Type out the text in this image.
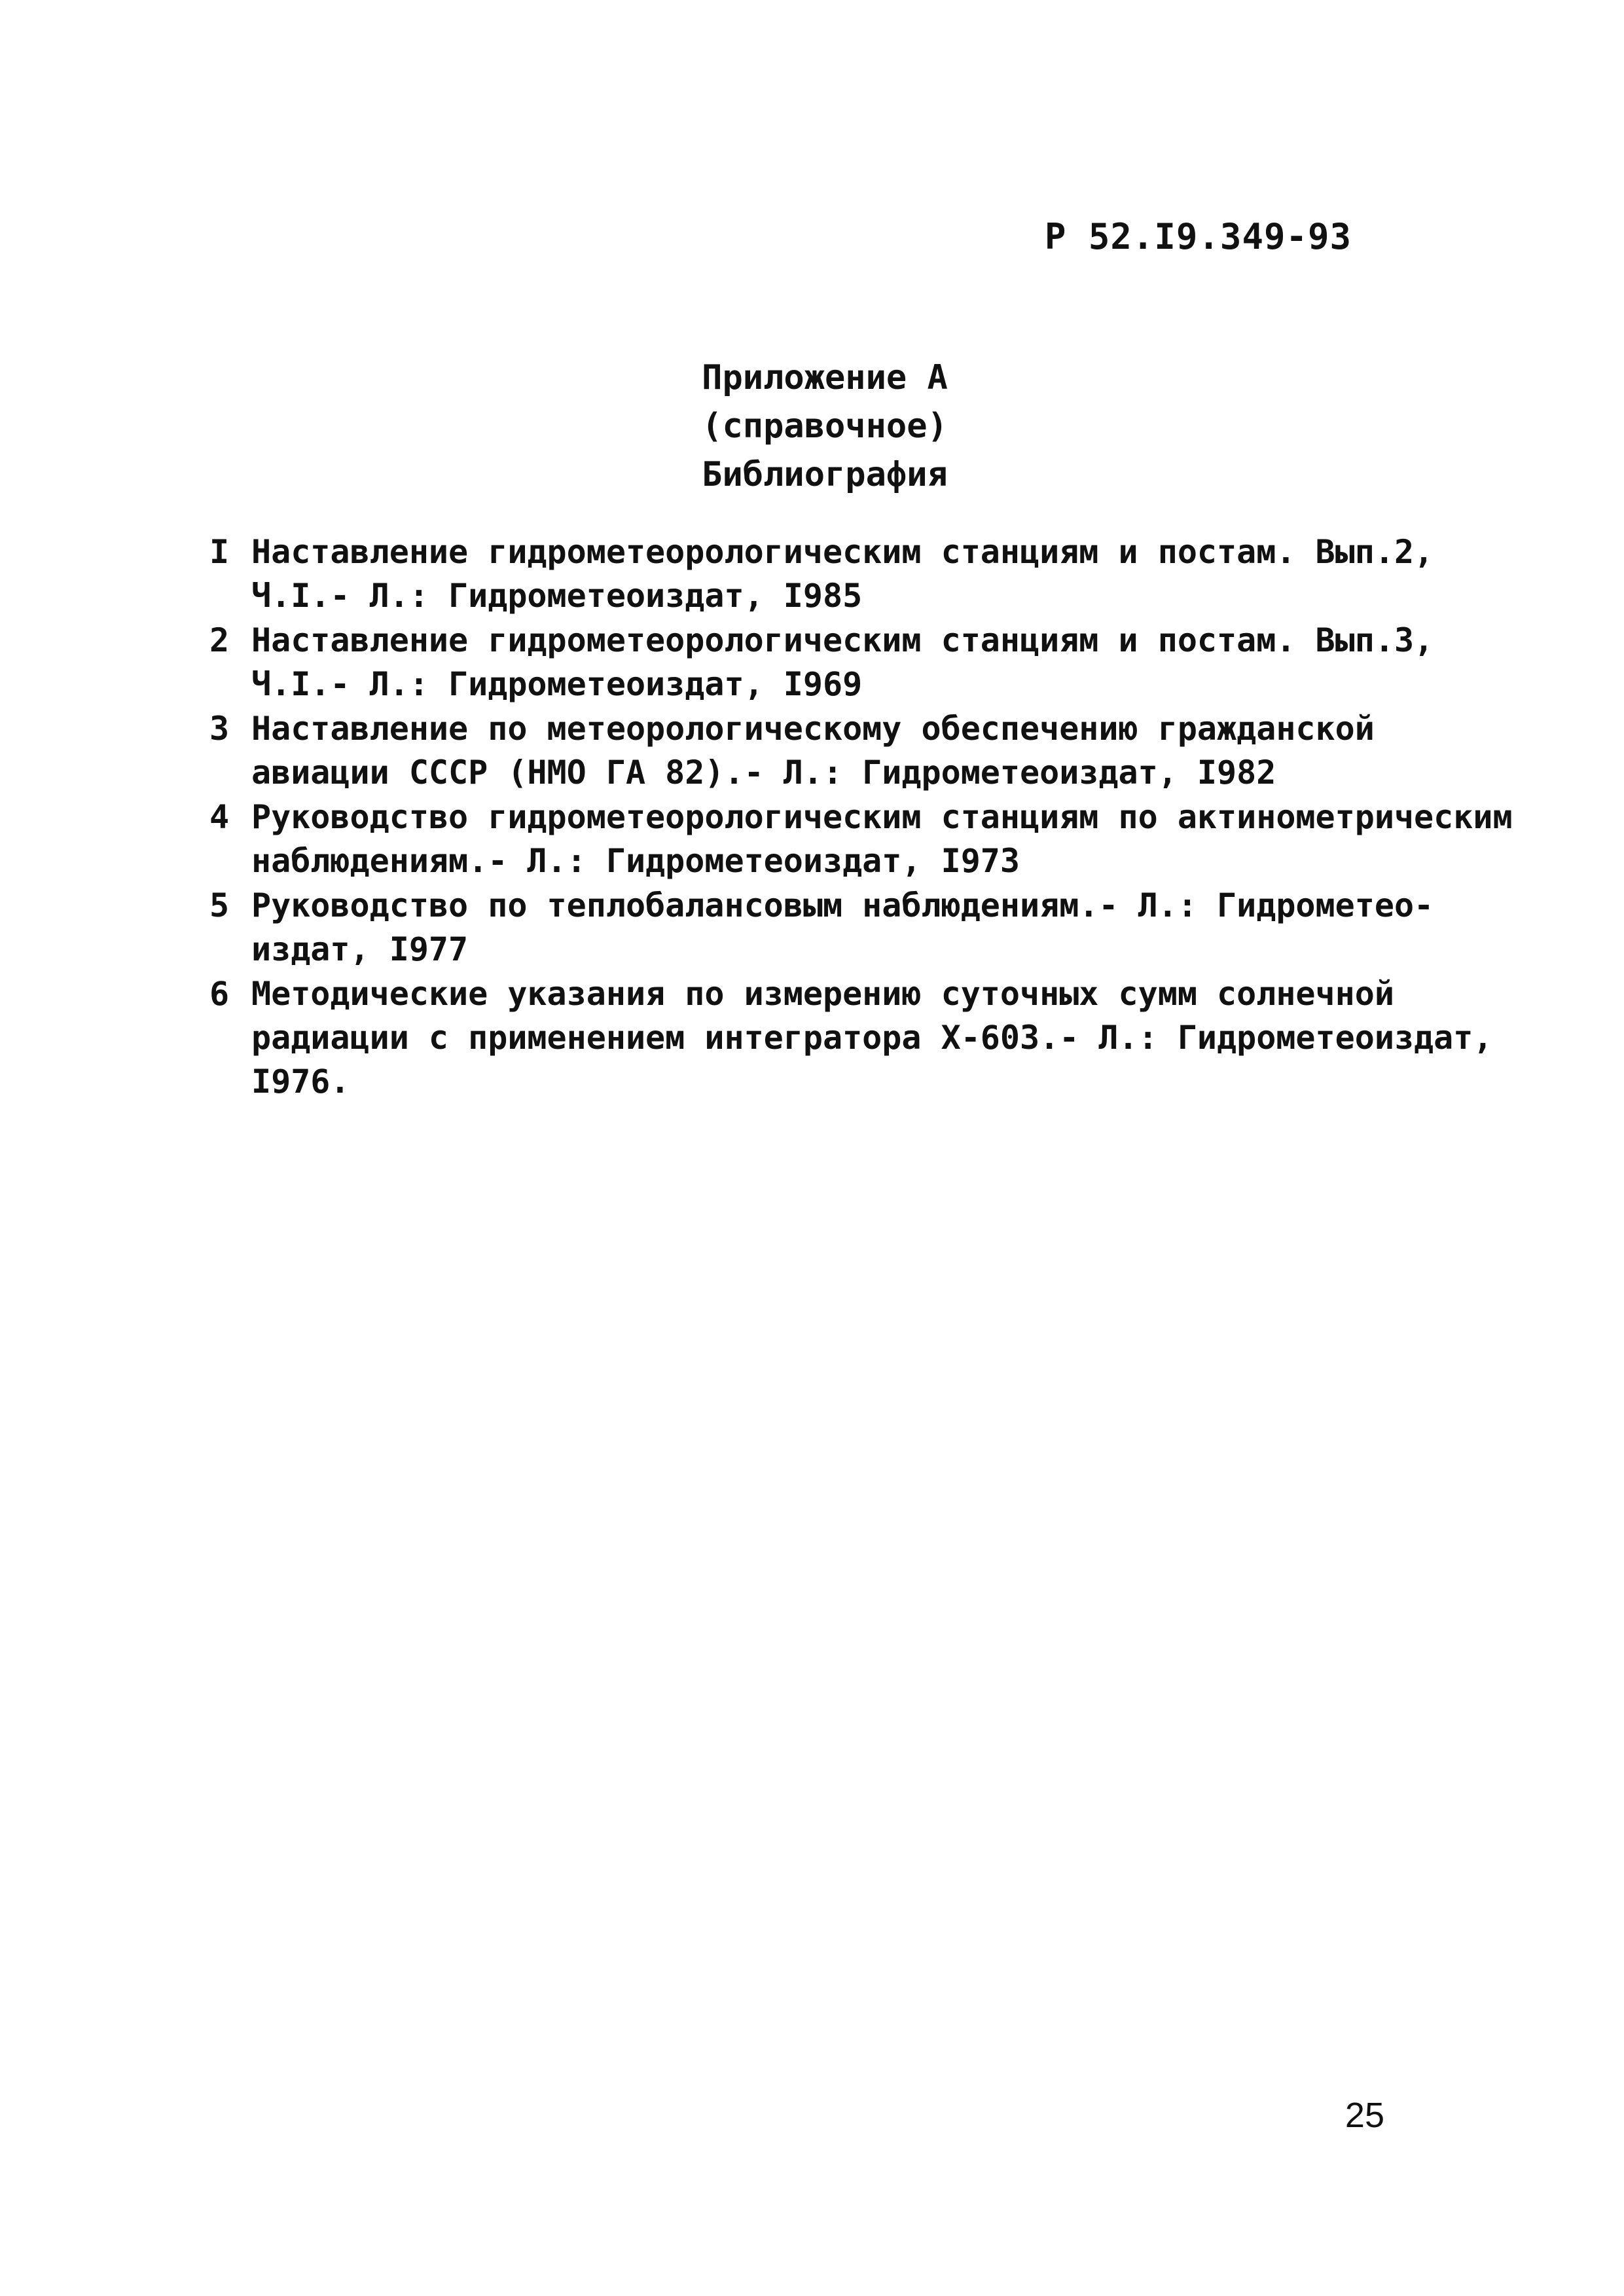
Р 52.I9.349-93
Приложение А
(справочное)
Библиография
I Наставление гидрометеорологическим станциям и постам. Вып.2,
Ч.I.- Л.: Гидрометеоиздат, I985
2 Наставление гидрометеорологическим станциям и постам. Вып.3,
Ч.I.- Л.: Гидрометеоиздат, I969
3 Наставление по метеорологическому обеспечению гражданской
авиации СССР (НМО ГА 82).- Л.: Гидрометеоиздат, I982
4 Руководство гидрометеорологическим станциям по актинометрическим
наблюдениям.- Л.: Гидрометеоиздат, I973
5 Руководство по теплобалансовым наблюдениям.- Л.: Гидрометео-
издат, I977
6 Методические указания по измерению суточных сумм солнечной
радиации с применением интегратора Х-603.- Л.: Гидрометеоиздат,
I976.
25
